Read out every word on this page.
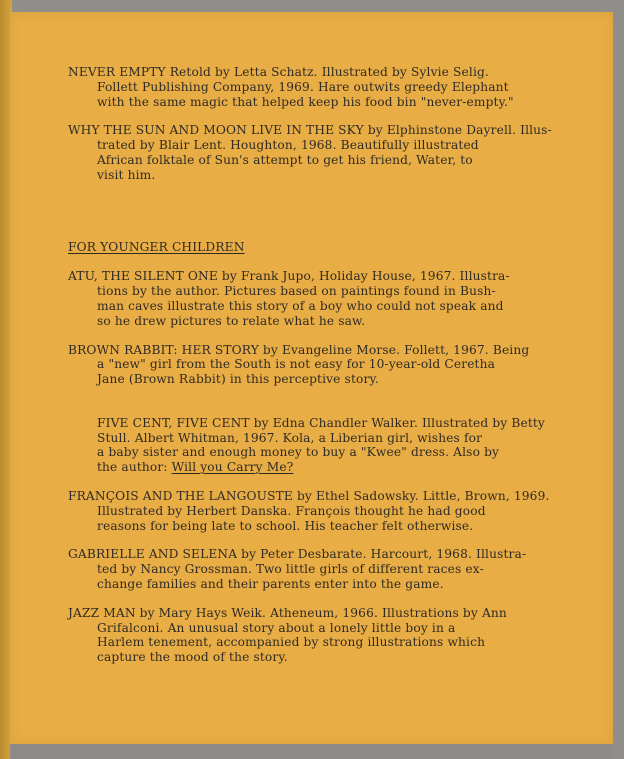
NEVER EMPTY Retold by Letta Schatz. Illustrated by Sylvie Selig.
Follett Publishing Company, 1969. Hare outwits greedy Elephant
with the same magic that helped keep his food bin "never-empty."
WHY THE SUN AND MOON LIVE IN THE SKY by Elphinstone Dayrell. Illus-
trated by Blair Lent. Houghton, 1968. Beautifully illustrated
African folktale of Sun's attempt to get his friend, Water, to
visit him.
FOR YOUNGER CHILDREN
ATU, THE SILENT ONE by Frank Jupo, Holiday House, 1967. Illustra-
tions by the author. Pictures based on paintings found in Bush-
man caves illustrate this story of a boy who could not speak and
so he drew pictures to relate what he saw.
BROWN RABBIT: HER STORY by Evangeline Morse. Follett, 1967. Being
a "new" girl from the South is not easy for 10-year-old Ceretha
Jane (Brown Rabbit) in this perceptive story.

FIVE CENT, FIVE CENT by Edna Chandler Walker. Illustrated by Betty
Stull. Albert Whitman, 1967. Kola, a Liberian girl, wishes for
a baby sister and enough money to buy a "Kwee" dress. Also by
the author: Will you Carry Me?

FRANÇOIS AND THE LANGOUSTE by Ethel Sadowsky. Little, Brown, 1969.
Illustrated by Herbert Danska. François thought he had good
reasons for being late to school. His teacher felt otherwise.
GABRIELLE AND SELENA by Peter Desbarate. Harcourt, 1968. Illustra-
ted by Nancy Grossman. Two little girls of different races ex-
change families and their parents enter into the game.
JAZZ MAN by Mary Hays Weik. Atheneum, 1966. Illustrations by Ann
Grifalconi. An unusual story about a lonely little boy in a
Harlem tenement, accompanied by strong illustrations which
capture the mood of the story.
